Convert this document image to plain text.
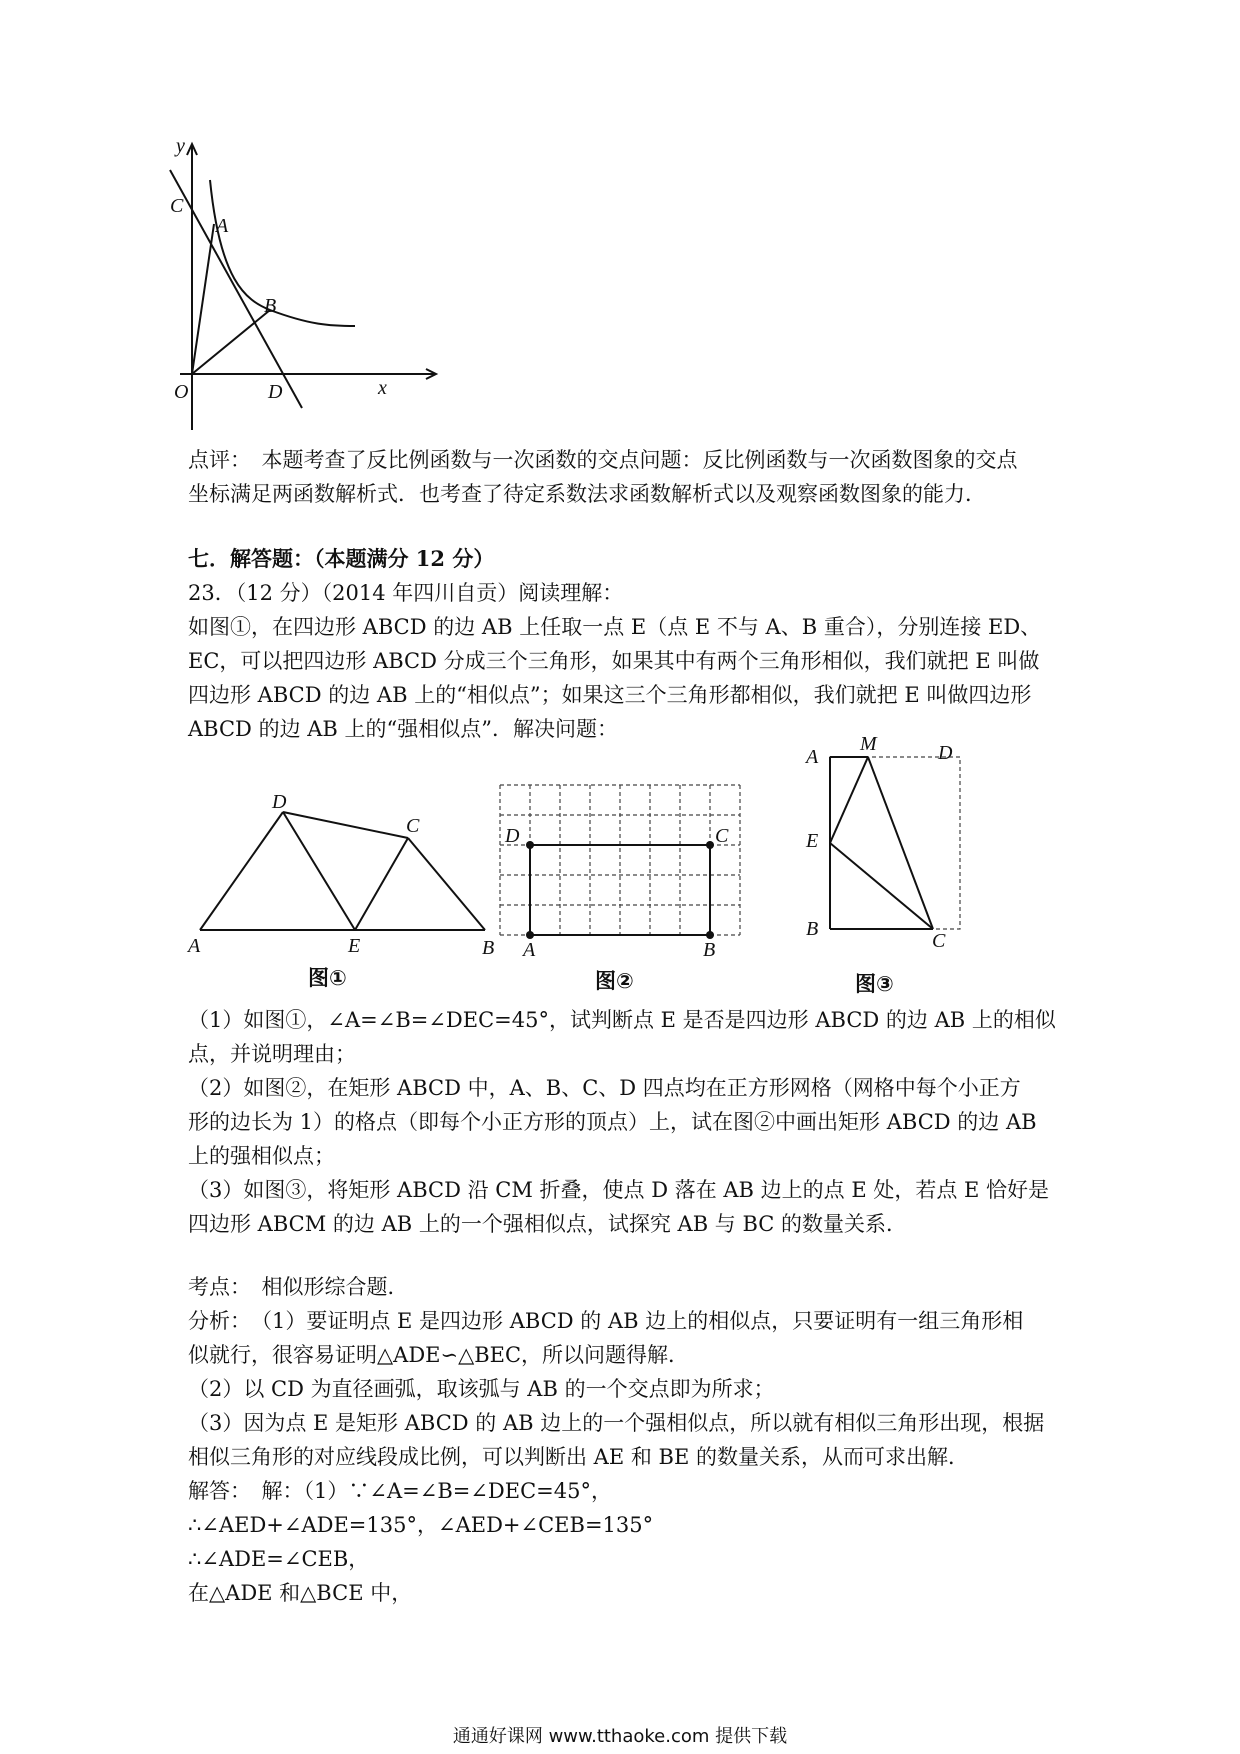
y
C
A
B
O	D	x
点评：　本题考查了反比例函数与一次函数的交点问题：反比例函数与一次函数图象的交点
坐标满足两函数解析式．也考查了待定系数法求函数解析式以及观察函数图象的能力．
七．解答题：（本题满分 12 分）
23．（12 分）（2014 年四川自贡）阅读理解：
如图①，在四边形 ABCD 的边 AB 上任取一点 E（点 E 不与 A、B 重合），分别连接 ED、
EC，可以把四边形 ABCD 分成三个三角形，如果其中有两个三角形相似，我们就把 E 叫做
四边形 ABCD 的边 AB 上的“相似点”；如果这三个三角形都相似，我们就把 E 叫做四边形
ABCD 的边 AB 上的“强相似点”．解决问题：
D
C
A	E	B
图①
D	C
A	B
图②
A
M	D
E
B
C
图③
（1）如图①，∠A=∠B=∠DEC=45°，试判断点 E 是否是四边形 ABCD 的边 AB 上的相似
点，并说明理由；
（2）如图②，在矩形 ABCD 中，A、B、C、D 四点均在正方形网格（网格中每个小正方
形的边长为 1）的格点（即每个小正方形的顶点）上，试在图②中画出矩形 ABCD 的边 AB
上的强相似点；
（3）如图③，将矩形 ABCD 沿 CM 折叠，使点 D 落在 AB 边上的点 E 处，若点 E 恰好是
四边形 ABCM 的边 AB 上的一个强相似点，试探究 AB 与 BC 的数量关系．
考点：　相似形综合题．
分析：　（1）要证明点 E 是四边形 ABCD 的 AB 边上的相似点，只要证明有一组三角形相
似就行，很容易证明△ADE∽△BEC，所以问题得解．
（2）以 CD 为直径画弧，取该弧与 AB 的一个交点即为所求；
（3）因为点 E 是矩形 ABCD 的 AB 边上的一个强相似点，所以就有相似三角形出现，根据
相似三角形的对应线段成比例，可以判断出 AE 和 BE 的数量关系，从而可求出解．
解答：　解：（1）∵∠A=∠B=∠DEC=45°，
∴∠AED+∠ADE=135°，∠AED+∠CEB=135°
∴∠ADE=∠CEB，
在△ADE 和△BCE 中，
通通好课网 www.tthaoke.com 提供下载
